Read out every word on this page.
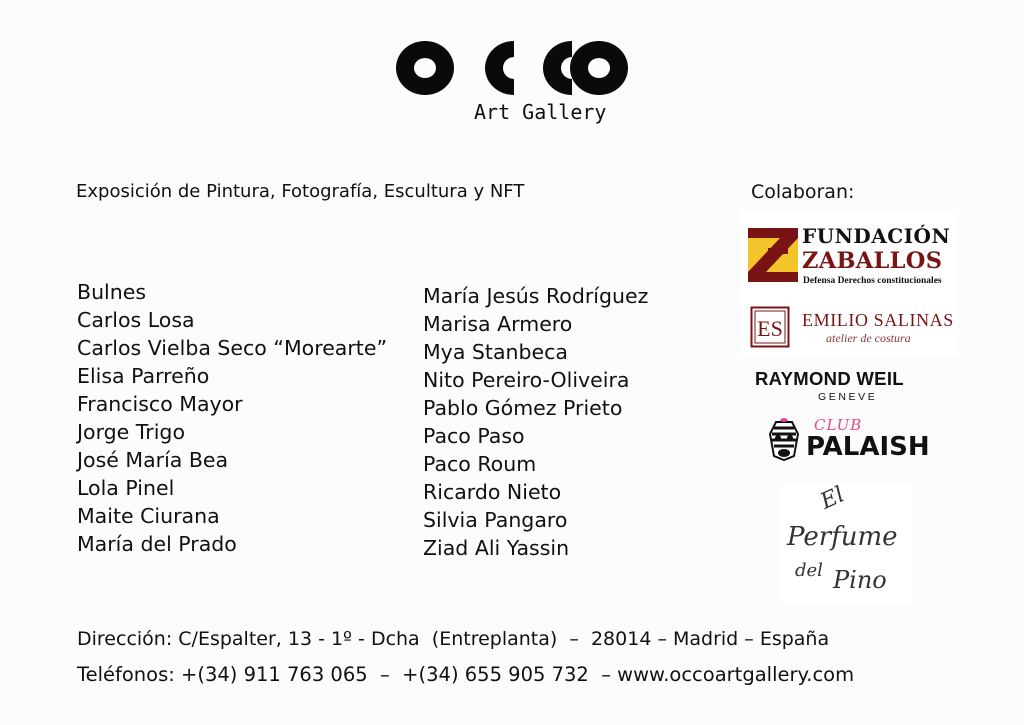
Art Gallery
Exposición de Pintura, Fotografía, Escultura y NFT	Colaboran:
Bulnes
Carlos Losa
Carlos Vielba Seco “Morearte”
Elisa Parreño
Francisco Mayor
Jorge Trigo
José María Bea
Lola Pinel
Maite Ciurana
María del Prado
María Jesús Rodríguez
Marisa Armero
Mya Stanbeca
Nito Pereiro-Oliveira
Pablo Gómez Prieto
Paco Paso
Paco Roum
Ricardo Nieto
Silvia Pangaro
Ziad Ali Yassin
FUNDACIÓN
ZABALLOS
Defensa Derechos constitucionales
ES EMILIO SALINAS
atelier de costura
RAYMOND WEIL
GENEVE
CLUB
PALAISH
El
Perfume
del Pino
Dirección: C/Espalter, 13 - 1º - Dcha  (Entreplanta)  –  28014 – Madrid – España
Teléfonos: +(34) 911 763 065  –  +(34) 655 905 732  – www.occoartgallery.com
